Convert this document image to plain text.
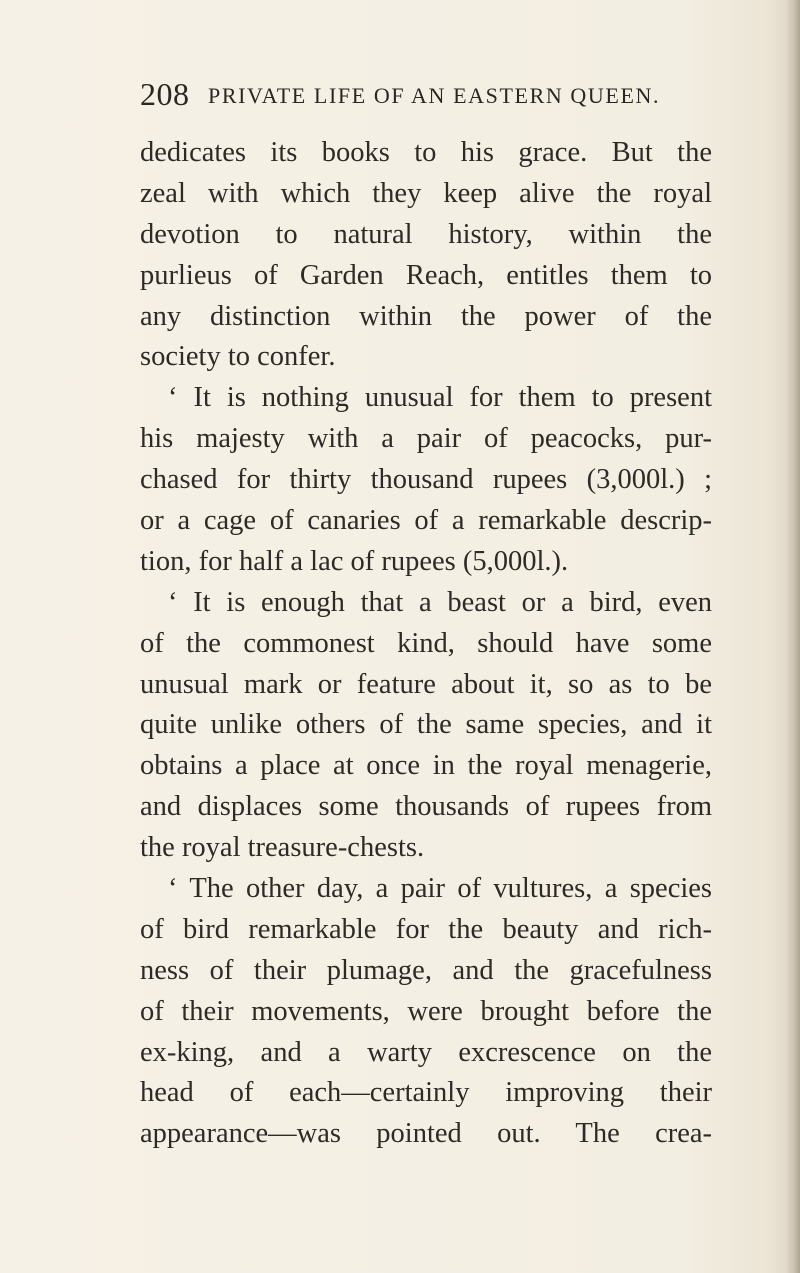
208 PRIVATE LIFE OF AN EASTERN QUEEN.
dedicates its books to his grace. But the
zeal with which they keep alive the royal
devotion to natural history, within the
purlieus of Garden Reach, entitles them to
any distinction within the power of the
society to confer.
‘ It is nothing unusual for them to present
his majesty with a pair of peacocks, pur-
chased for thirty thousand rupees (3,000l.) ;
or a cage of canaries of a remarkable descrip-
tion, for half a lac of rupees (5,000l.).
‘ It is enough that a beast or a bird, even
of the commonest kind, should have some
unusual mark or feature about it, so as to be
quite unlike others of the same species, and it
obtains a place at once in the royal menagerie,
and displaces some thousands of rupees from
the royal treasure-chests.
‘ The other day, a pair of vultures, a species
of bird remarkable for the beauty and rich-
ness of their plumage, and the gracefulness
of their movements, were brought before the
ex-king, and a warty excrescence on the
head of each—certainly improving their
appearance—was pointed out. The crea-
